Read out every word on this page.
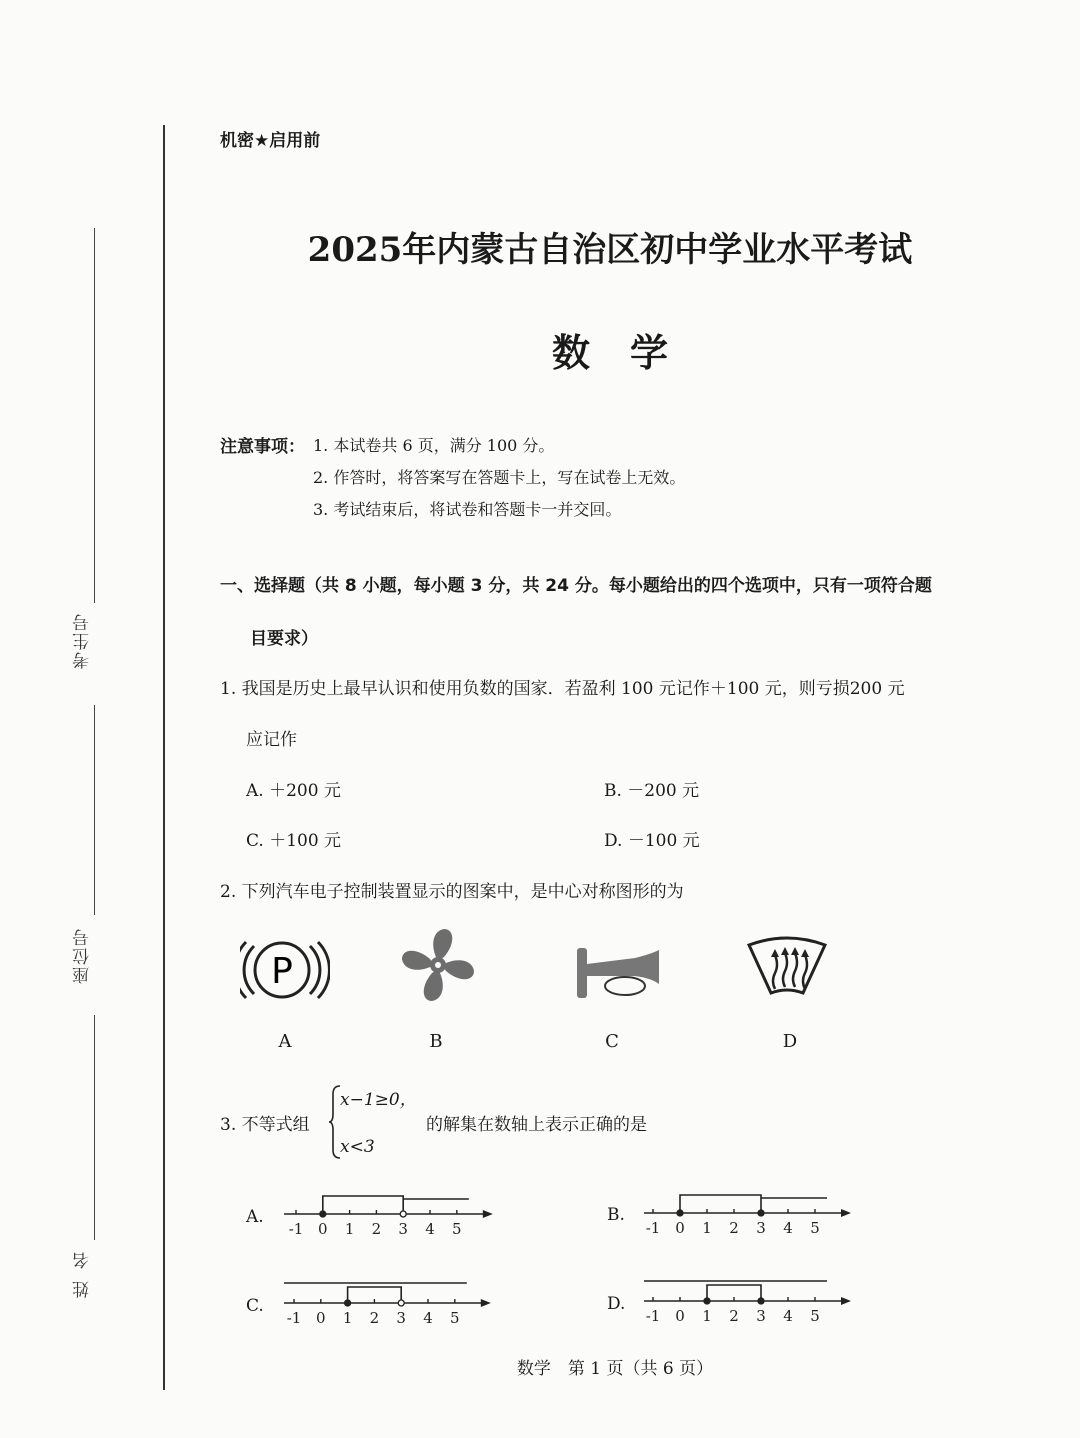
考生号
座位号
姓名
机密★启用前
2025年内蒙古自治区初中学业水平考试
数学
注意事项： 1. 本试卷共 6 页，满分 100 分。
2. 作答时，将答案写在答题卡上，写在试卷上无效。
3. 考试结束后，将试卷和答题卡一并交回。
一、选择题（共 8 小题，每小题 3 分，共 24 分。每小题给出的四个选项中，只有一项符合题
目要求）
1. 我国是历史上最早认识和使用负数的国家．若盈利 100 元记作＋100 元，则亏损200 元
应记作
A. ＋200 元	B. －200 元
C. ＋100 元	D. －100 元
2. 下列汽车电子控制装置显示的图案中，是中心对称图形的为
P
A	B	C	D
3. 不等式组
x−1≥0，
x<3
的解集在数轴上表示正确的是
A.	B.
C.	D.
-1 0 1 2 3 4 5	-1 0 1 2 3 4 5
-1 0 1 2 3 4 5	-1 0 1 2 3 4 5
数学　第 1 页（共 6 页）
